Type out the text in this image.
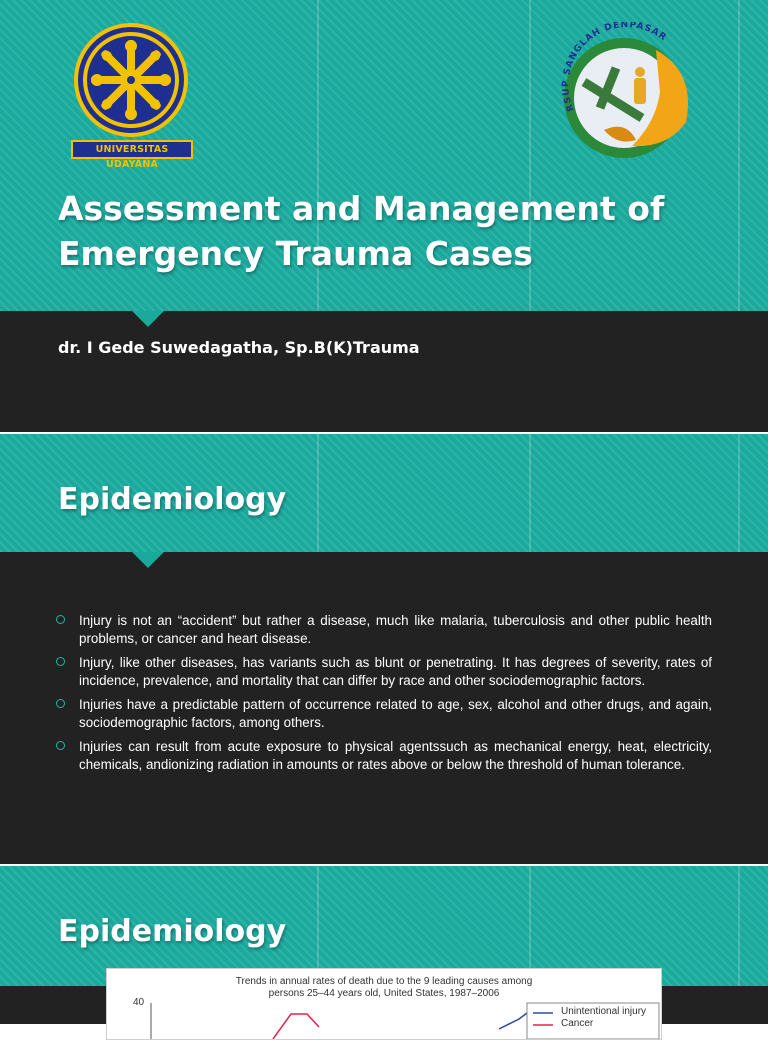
UNIVERSITAS UDAYANA
RSUP SANGLAH DENPASAR
Assessment and Management of
Emergency Trauma Cases
dr. I Gede Suwedagatha, Sp.B(K)Trauma
Epidemiology
Injury is not an “accident” but rather a disease, much like malaria, tuberculosis and other public health problems, or cancer and heart disease.
Injury, like other diseases, has variants such as blunt or penetrating. It has degrees of severity, rates of incidence, prevalence, and mortality that can differ by race and other sociodemographic factors.
Injuries have a predictable pattern of occurrence related to age, sex, alcohol and other drugs, and again, sociodemographic factors, among others.
Injuries can result from acute exposure to physical agentssuch as mechanical energy, heat, electricity, chemicals, andionizing radiation in amounts or rates above or below the threshold of human tolerance.
Epidemiology
Trends in annual rates of death due to the 9 leading causes among
persons 25–44 years old, United States, 1987–2006
40
Unintentional injury
Cancer
